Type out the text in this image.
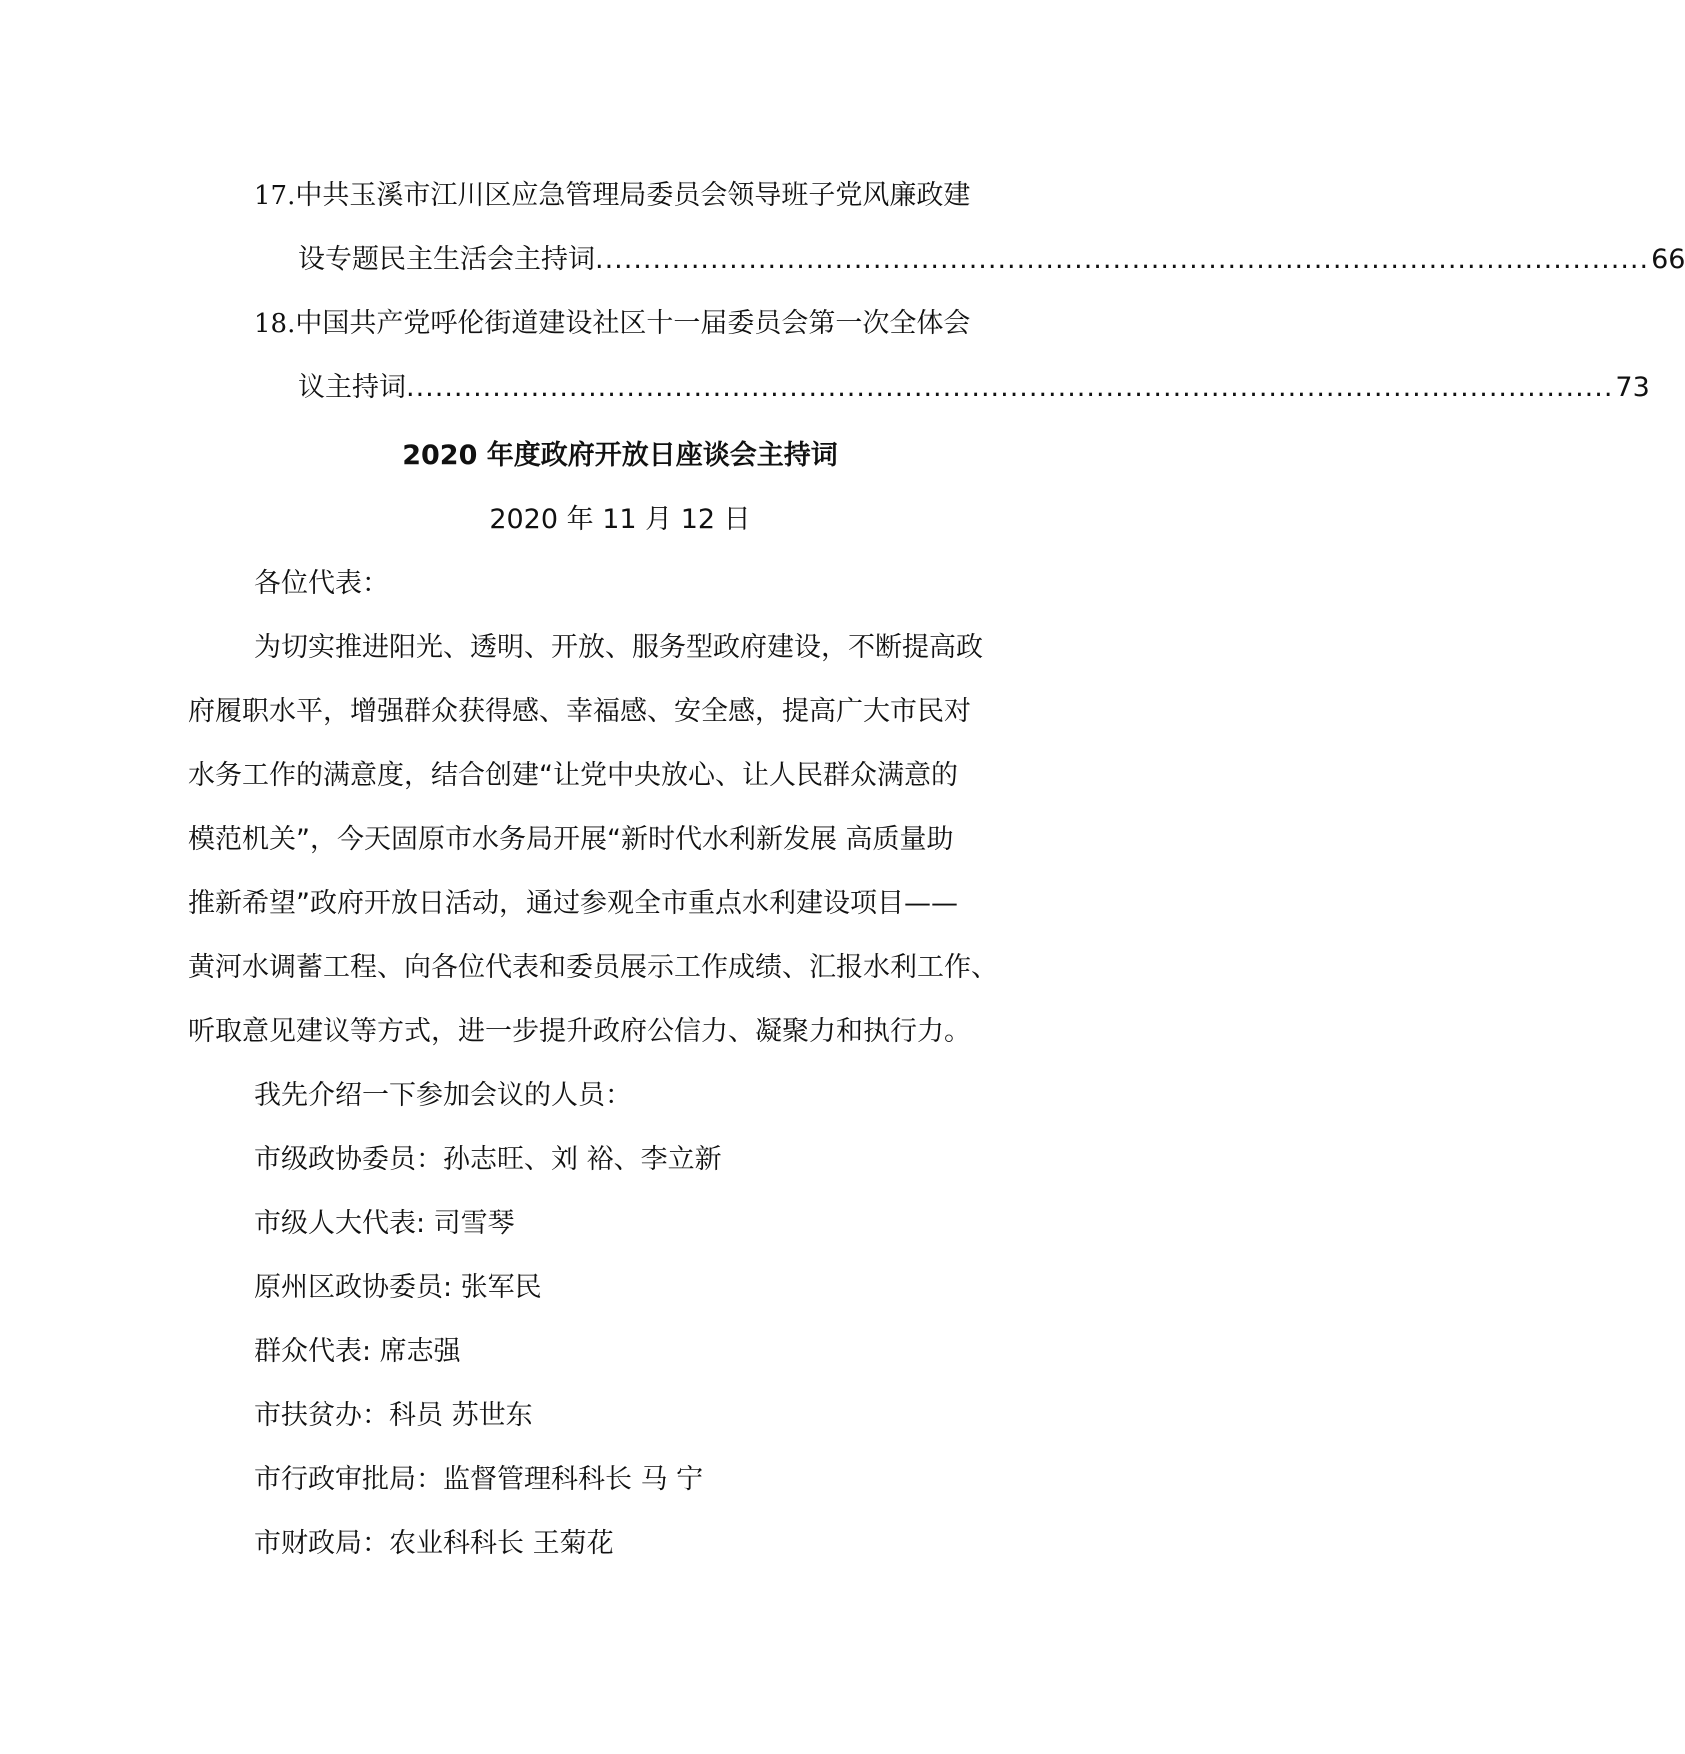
17.中共玉溪市江川区应急管理局委员会领导班子党风廉政建
设专题民主生活会主持词 .............................................................................................................. 66
18.中国共产党呼伦街道建设社区十一届委员会第一次全体会
议主持词 .............................................................................................................................. 73
2020 年度政府开放日座谈会主持词
2020 年 11 月 12 日
各位代表：
为切实推进阳光、透明、开放、服务型政府建设，不断提高政
府履职水平，增强群众获得感、幸福感、安全感，提高广大市民对
水务工作的满意度，结合创建“让党中央放心、让人民群众满意的
模范机关”，今天固原市水务局开展“新时代水利新发展 高质量助
推新希望”政府开放日活动，通过参观全市重点水利建设项目——
黄河水调蓄工程、向各位代表和委员展示工作成绩、汇报水利工作、
听取意见建议等方式，进一步提升政府公信力、凝聚力和执行力。
我先介绍一下参加会议的人员：
市级政协委员：孙志旺、刘 裕、李立新
市级人大代表: 司雪琴
原州区政协委员: 张军民
群众代表: 席志强
市扶贫办：科员 苏世东
市行政审批局：监督管理科科长 马 宁
市财政局：农业科科长 王菊花
